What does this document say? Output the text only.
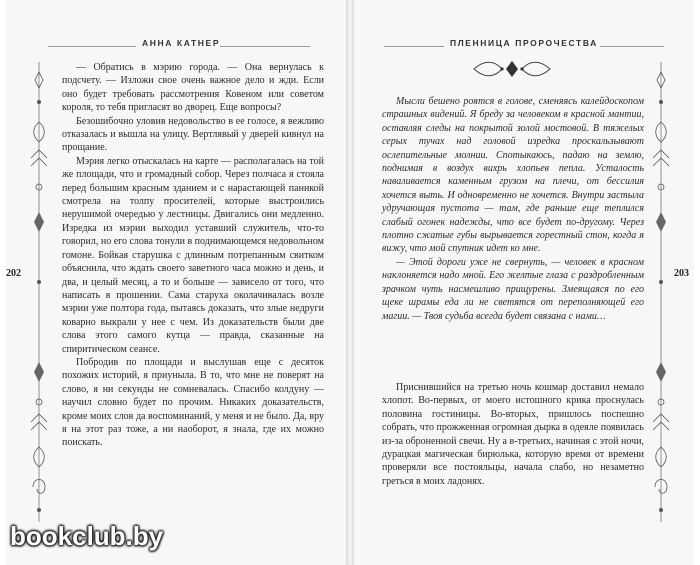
АННА КАТНЕР
202

— Обратись в мэрию города. — Она вернулась к подсчету. — Изложи свое очень важное дело и жди. Если оно будет требовать рассмотрения Ковеном или советом короля, то тебя пригласят во дворец. Еще вопросы?

Безошибочно уловив недовольство в ее голосе, я вежливо отказалась и вышла на улицу. Вертлявый у дверей кивнул на прощание.

Мэрия легко отыскалась на карте — располагалась на той же площади, что и громадный собор. Через полчаса я стояла перед большим красным зданием и с нарастающей паникой смотрела на толпу просителей, которые выстроились нерушимой очередью у лестницы. Двигались они медленно. Изредка из мэрии выходил уставший служитель, что-то говорил, но его слова тонули в поднимающемся недовольном гомоне. Бойкая старушка с длинным потрепанным свитком объяснила, что ждать своего заветного часа можно и день, и два, и целый месяц, а то и больше — зависело от того, что написать в прошении. Сама старуха околачивалась возле мэрии уже полтора года, пытаясь доказать, что злые недруги коварно выкрали у нее с чем. Из доказательств были две слова этого самого кутца — правда, сказанные на спиритическом сеансе.

Побродив по площади и выслушав еще с десяток похожих историй, я приуныла. В то, что мне не поверят на слово, я ни секунды не сомневалась. Спасибо колдуну — научил словно будет по прочим. Никаких доказательств, кроме моих слов да воспоминаний, у меня и не было. Да, вру я на этот раз тоже, а ни наоборот, я знала, где их можно поискать.

ПЛЕННИЦА ПРОРОЧЕСТВА
203

Мысли бешено роятся в голове, сменяясь калейдоскопом страшных видений. Я бреду за человеком в красной мантии, оставляя следы на покрытой золой мостовой. В тяжелых серых тучах над головой изредка проскальзывают ослепительные молнии. Спотыкаюсь, падаю на землю, поднимая в воздух вихрь хлопьев пепла. Усталость наваливается каменным грузом на плечи, от бессилия хочется выть. И одновременно не хочется. Внутри застыла удручающая пустота — там, где раньше еще теплился слабый огонек надежды, что все будет по-другому. Через плотно сжатые губы вырывается горестный стон, когда я вижу, что мой спутник идет ко мне.

— Этой дороги уже не свернуть, — человек в красном наклоняется надо мной. Его желтые глаза с раздробленным зрачком чуть насмешливо прищурены. Змеящаяся по его щеке шрамы еда ли не светятся от переполняющей его магии. — Твоя судьба всегда будет связана с нами…

Приснившийся на третью ночь кошмар доставил немало хлопот. Во-первых, от моего истошного крика проснулась половина гостиницы. Во-вторых, пришлось поспешно собрать, что прожженная огромная дырка в одеяле появилась из-за оброненной свечи. Ну а в-третьих, начиная с этой ночи, дурацкая магическая бирюлька, которую время от времени проверяли все постояльцы, начала слабо, но незаметно греться в моих ладонях.

bookclub.by
